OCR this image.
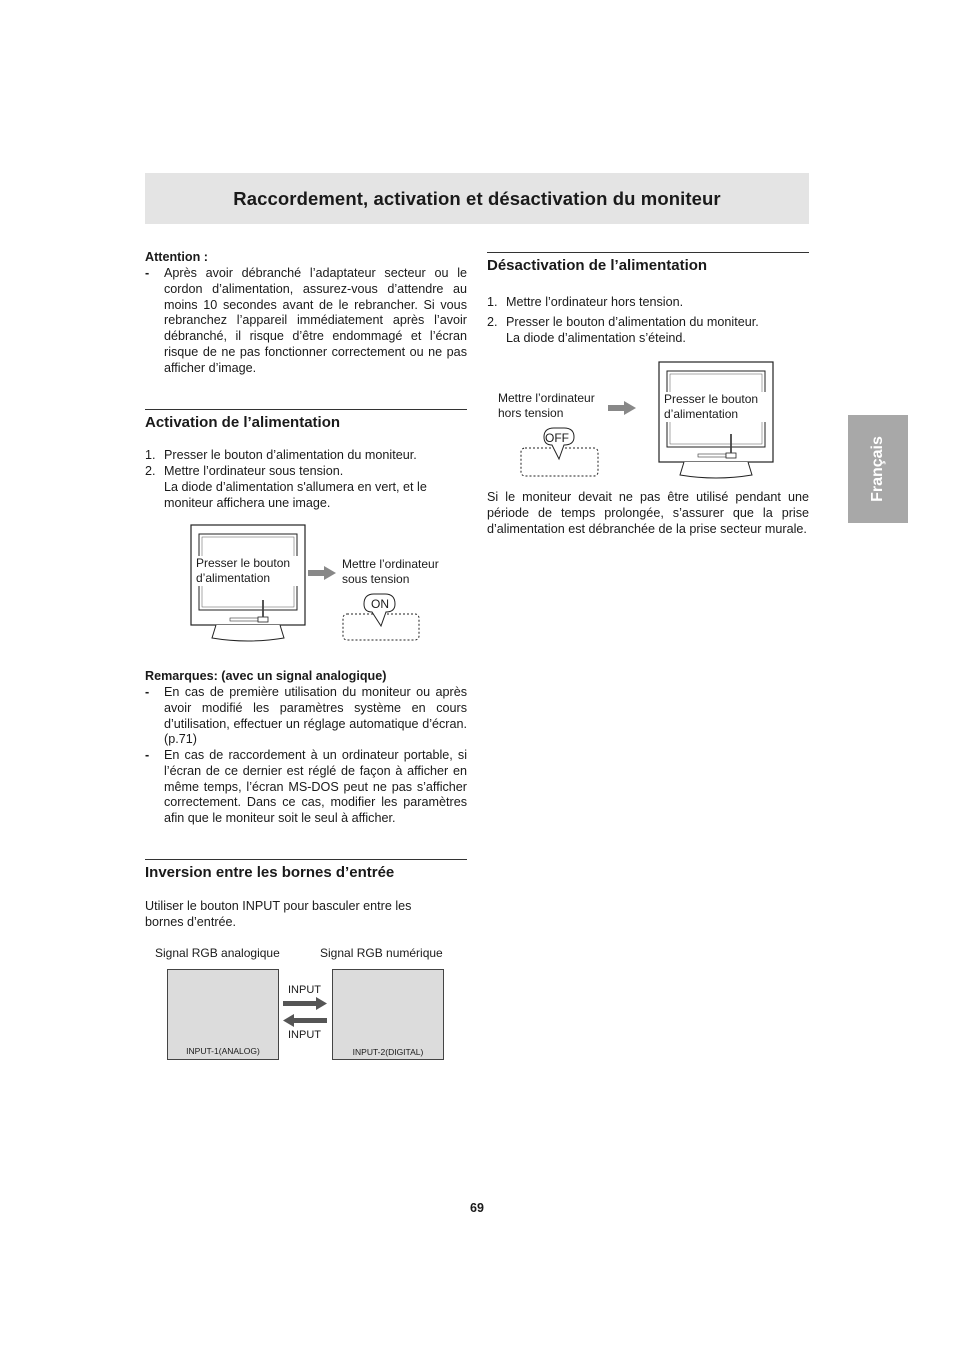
Raccordement, activation et désactivation du moniteur
Français
Attention :
- Après avoir débranché l’adaptateur secteur ou le cordon d’alimentation, assurez-vous d’attendre au moins 10 secondes avant de le rebrancher. Si vous rebranchez l’appareil immédiatement après l’avoir débranché, il risque d’être endommagé et l’écran risque de ne pas fonctionner correctement ou ne pas afficher d’image.
Activation de l’alimentation
1. Presser le bouton d’alimentation du moniteur.
2. Mettre l’ordinateur sous tension.
La diode d’alimentation s'allumera en vert, et le moniteur affichera une image.
Presser le bouton
d’alimentation
Mettre l’ordinateur
sous tension
ON
Remarques: (avec un signal analogique)
- En cas de première utilisation du moniteur ou après avoir modifié les paramètres système en cours d’utilisation, effectuer un réglage automatique d’écran. (p.71)
- En cas de raccordement à un ordinateur portable, si l’écran de ce dernier est réglé de façon à afficher en même temps, l’écran MS-DOS peut ne pas s’afficher correctement. Dans ce cas, modifier les paramètres afin que le moniteur soit le seul à afficher.
Inversion entre les bornes d’entrée
Utiliser le bouton INPUT pour basculer entre les bornes d’entrée.
Signal RGB analogique	Signal RGB numérique
INPUT-1(ANALOG)	INPUT-2(DIGITAL)
INPUT
INPUT
Désactivation de l’alimentation
1. Mettre l’ordinateur hors tension.
2. Presser le bouton d’alimentation du moniteur.
La diode d’alimentation s’éteind.
Mettre l’ordinateur
hors tension
Presser le bouton
d’alimentation
OFF
Si le moniteur devait ne pas être utilisé pendant une période de temps prolongée, s’assurer que la prise d’alimentation est débranchée de la prise secteur murale.
69
